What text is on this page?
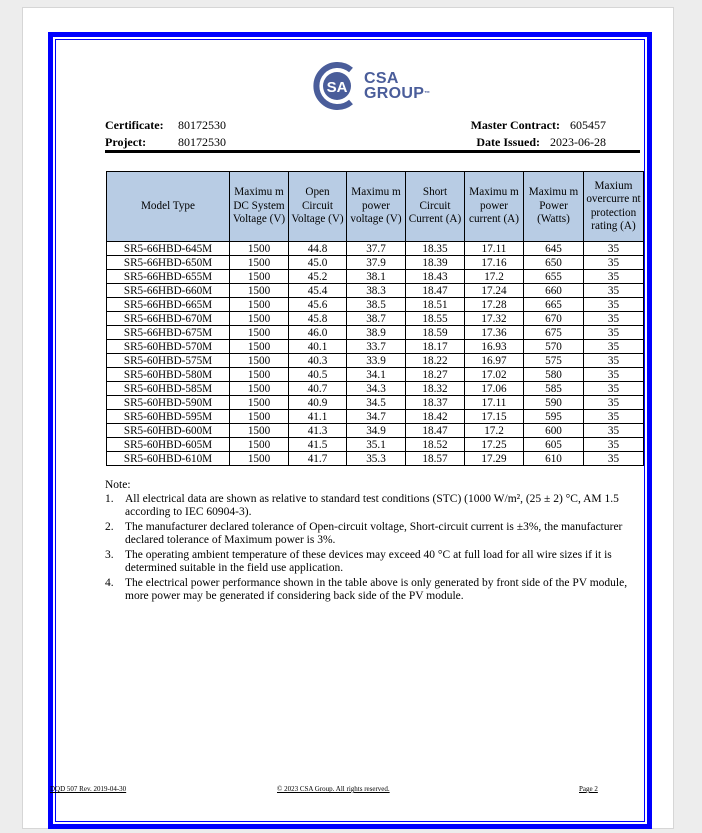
SA
CSA
GROUP™
Certificate: 80172530
Project:	80172530
Master Contract: 605457
Date Issued: 2023-06-28
Model Type	Maximu m DC System Voltage (V)	Open Circuit Voltage (V)	Maximu m power voltage (V)	Short Circuit Current (A)	Maximu m power current (A)	Maximu m Power (Watts)	Maxium overcurre nt protection rating (A)
SR5-66HBD-645M	1500	44.8	37.7	18.35	17.11	645	35
SR5-66HBD-650M	1500	45.0	37.9	18.39	17.16	650	35
SR5-66HBD-655M	1500	45.2	38.1	18.43	17.2	655	35
SR5-66HBD-660M	1500	45.4	38.3	18.47	17.24	660	35
SR5-66HBD-665M	1500	45.6	38.5	18.51	17.28	665	35
SR5-66HBD-670M	1500	45.8	38.7	18.55	17.32	670	35
SR5-66HBD-675M	1500	46.0	38.9	18.59	17.36	675	35
SR5-60HBD-570M	1500	40.1	33.7	18.17	16.93	570	35
SR5-60HBD-575M	1500	40.3	33.9	18.22	16.97	575	35
SR5-60HBD-580M	1500	40.5	34.1	18.27	17.02	580	35
SR5-60HBD-585M	1500	40.7	34.3	18.32	17.06	585	35
SR5-60HBD-590M	1500	40.9	34.5	18.37	17.11	590	35
SR5-60HBD-595M	1500	41.1	34.7	18.42	17.15	595	35
SR5-60HBD-600M	1500	41.3	34.9	18.47	17.2	600	35
SR5-60HBD-605M	1500	41.5	35.1	18.52	17.25	605	35
SR5-60HBD-610M	1500	41.7	35.3	18.57	17.29	610	35
Note:
1. All electrical data are shown as relative to standard test conditions (STC) (1000 W/m², (25 ± 2) °C, AM 1.5 according to IEC 60904-3).
2. The manufacturer declared tolerance of Open-circuit voltage, Short-circuit current is ±3%, the manufacturer declared tolerance of Maximum power is 3%.
3. The operating ambient temperature of these devices may exceed 40 °C at full load for all wire sizes if it is determined suitable in the field use application.
4. The electrical power performance shown in the table above is only generated by front side of the PV module, more power may be generated if considering back side of the PV module.
DQD 507 Rev. 2019-04-30	© 2023 CSA Group. All rights reserved.	Page 2
